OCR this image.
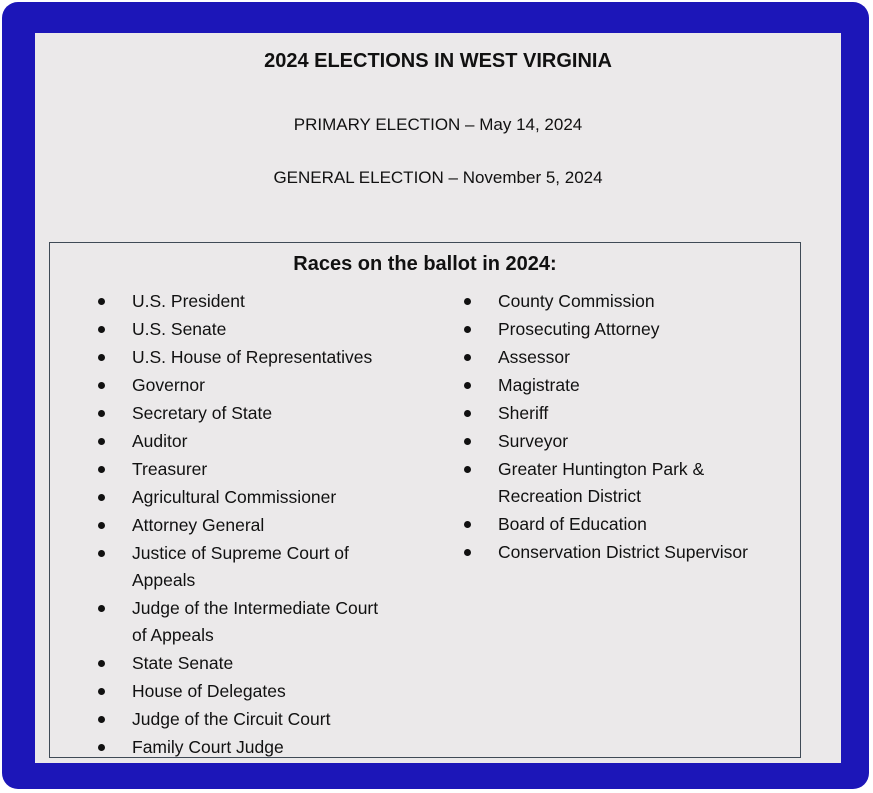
2024 ELECTIONS IN WEST VIRGINIA

PRIMARY ELECTION – May 14, 2024

GENERAL ELECTION – November 5, 2024

Races on the ballot in 2024:
U.S. President
U.S. Senate
U.S. House of Representatives
Governor
Secretary of State
Auditor
Treasurer
Agricultural Commissioner
Attorney General
Justice of Supreme Court of Appeals
Judge of the Intermediate Court of Appeals
State Senate
House of Delegates
Judge of the Circuit Court
Family Court Judge
County Commission
Prosecuting Attorney
Assessor
Magistrate
Sheriff
Surveyor
Greater Huntington Park & Recreation District
Board of Education
Conservation District Supervisor
